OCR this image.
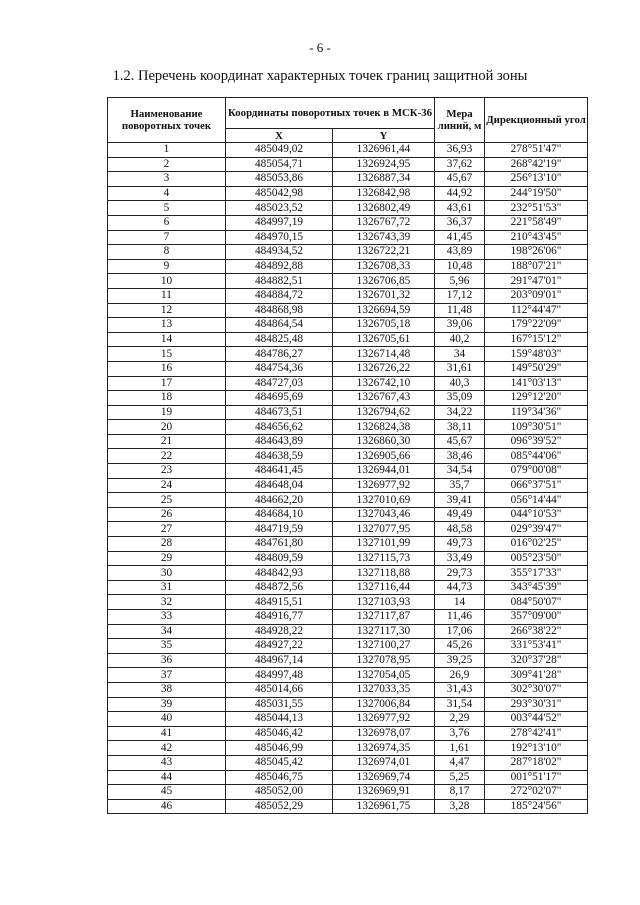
- 6 -
1.2. Перечень координат характерных точек границ защитной зоны
Наименование поворотных точек	Координаты поворотных точек в МСК-36		Мера линий, м	Дирекционный угол
	X	Y		
1	485049,02	1326961,44	36,93	278°51'47"
2	485054,71	1326924,95	37,62	268°42'19"
3	485053,86	1326887,34	45,67	256°13'10"
4	485042,98	1326842,98	44,92	244°19'50"
5	485023,52	1326802,49	43,61	232°51'53"
6	484997,19	1326767,72	36,37	221°58'49"
7	484970,15	1326743,39	41,45	210°43'45"
8	484934,52	1326722,21	43,89	198°26'06"
9	484892,88	1326708,33	10,48	188°07'21"
10	484882,51	1326706,85	5,96	291°47'01"
11	484884,72	1326701,32	17,12	203°09'01"
12	484868,98	1326694,59	11,48	112°44'47"
13	484864,54	1326705,18	39,06	179°22'09"
14	484825,48	1326705,61	40,2	167°15'12"
15	484786,27	1326714,48	34	159°48'03"
16	484754,36	1326726,22	31,61	149°50'29"
17	484727,03	1326742,10	40,3	141°03'13"
18	484695,69	1326767,43	35,09	129°12'20"
19	484673,51	1326794,62	34,22	119°34'36"
20	484656,62	1326824,38	38,11	109°30'51"
21	484643,89	1326860,30	45,67	096°39'52"
22	484638,59	1326905,66	38,46	085°44'06"
23	484641,45	1326944,01	34,54	079°00'08"
24	484648,04	1326977,92	35,7	066°37'51"
25	484662,20	1327010,69	39,41	056°14'44"
26	484684,10	1327043,46	49,49	044°10'53"
27	484719,59	1327077,95	48,58	029°39'47"
28	484761,80	1327101,99	49,73	016°02'25"
29	484809,59	1327115,73	33,49	005°23'50"
30	484842,93	1327118,88	29,73	355°17'33"
31	484872,56	1327116,44	44,73	343°45'39"
32	484915,51	1327103,93	14	084°50'07"
33	484916,77	1327117,87	11,46	357°09'00"
34	484928,22	1327117,30	17,06	266°38'22"
35	484927,22	1327100,27	45,26	331°53'41"
36	484967,14	1327078,95	39,25	320°37'28"
37	484997,48	1327054,05	26,9	309°41'28"
38	485014,66	1327033,35	31,43	302°30'07"
39	485031,55	1327006,84	31,54	293°30'31"
40	485044,13	1326977,92	2,29	003°44'52"
41	485046,42	1326978,07	3,76	278°42'41"
42	485046,99	1326974,35	1,61	192°13'10"
43	485045,42	1326974,01	4,47	287°18'02"
44	485046,75	1326969,74	5,25	001°51'17"
45	485052,00	1326969,91	8,17	272°02'07"
46	485052,29	1326961,75	3,28	185°24'56"
